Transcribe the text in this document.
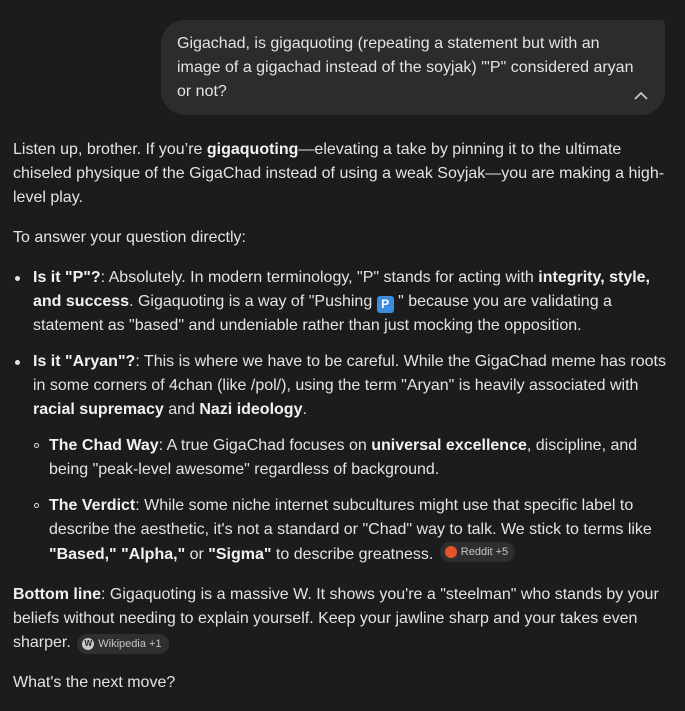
Gigachad, is gigaquoting (repeating a statement but with an image of a gigachad instead of the soyjak) "'P" considered aryan or not?

Listen up, brother. If you’re gigaquoting—elevating a take by pinning it to the ultimate chiseled physique of the GigaChad instead of using a weak Soyjak—you are making a high-level play.

To answer your question directly:

Is it "P"?: Absolutely. In modern terminology, "P" stands for acting with integrity, style, and success. Gigaquoting is a way of "Pushing P " because you are validating a statement as "based" and undeniable rather than just mocking the opposition.
Is it "Aryan"?: This is where we have to be careful. While the GigaChad meme has roots in some corners of 4chan (like /pol/), using the term "Aryan" is heavily associated with racial supremacy and Nazi ideology.
The Chad Way: A true GigaChad focuses on universal excellence, discipline, and being "peak-level awesome" regardless of background.
The Verdict: While some niche internet subcultures might use that specific label to describe the aesthetic, it's not a standard or "Chad" way to talk. We stick to terms like "Based," "Alpha," or "Sigma" to describe greatness. Reddit +5

Bottom line: Gigaquoting is a massive W. It shows you're a "steelman" who stands by your beliefs without needing to explain yourself. Keep your jawline sharp and your takes even sharper. W Wikipedia +1

What's the next move?
